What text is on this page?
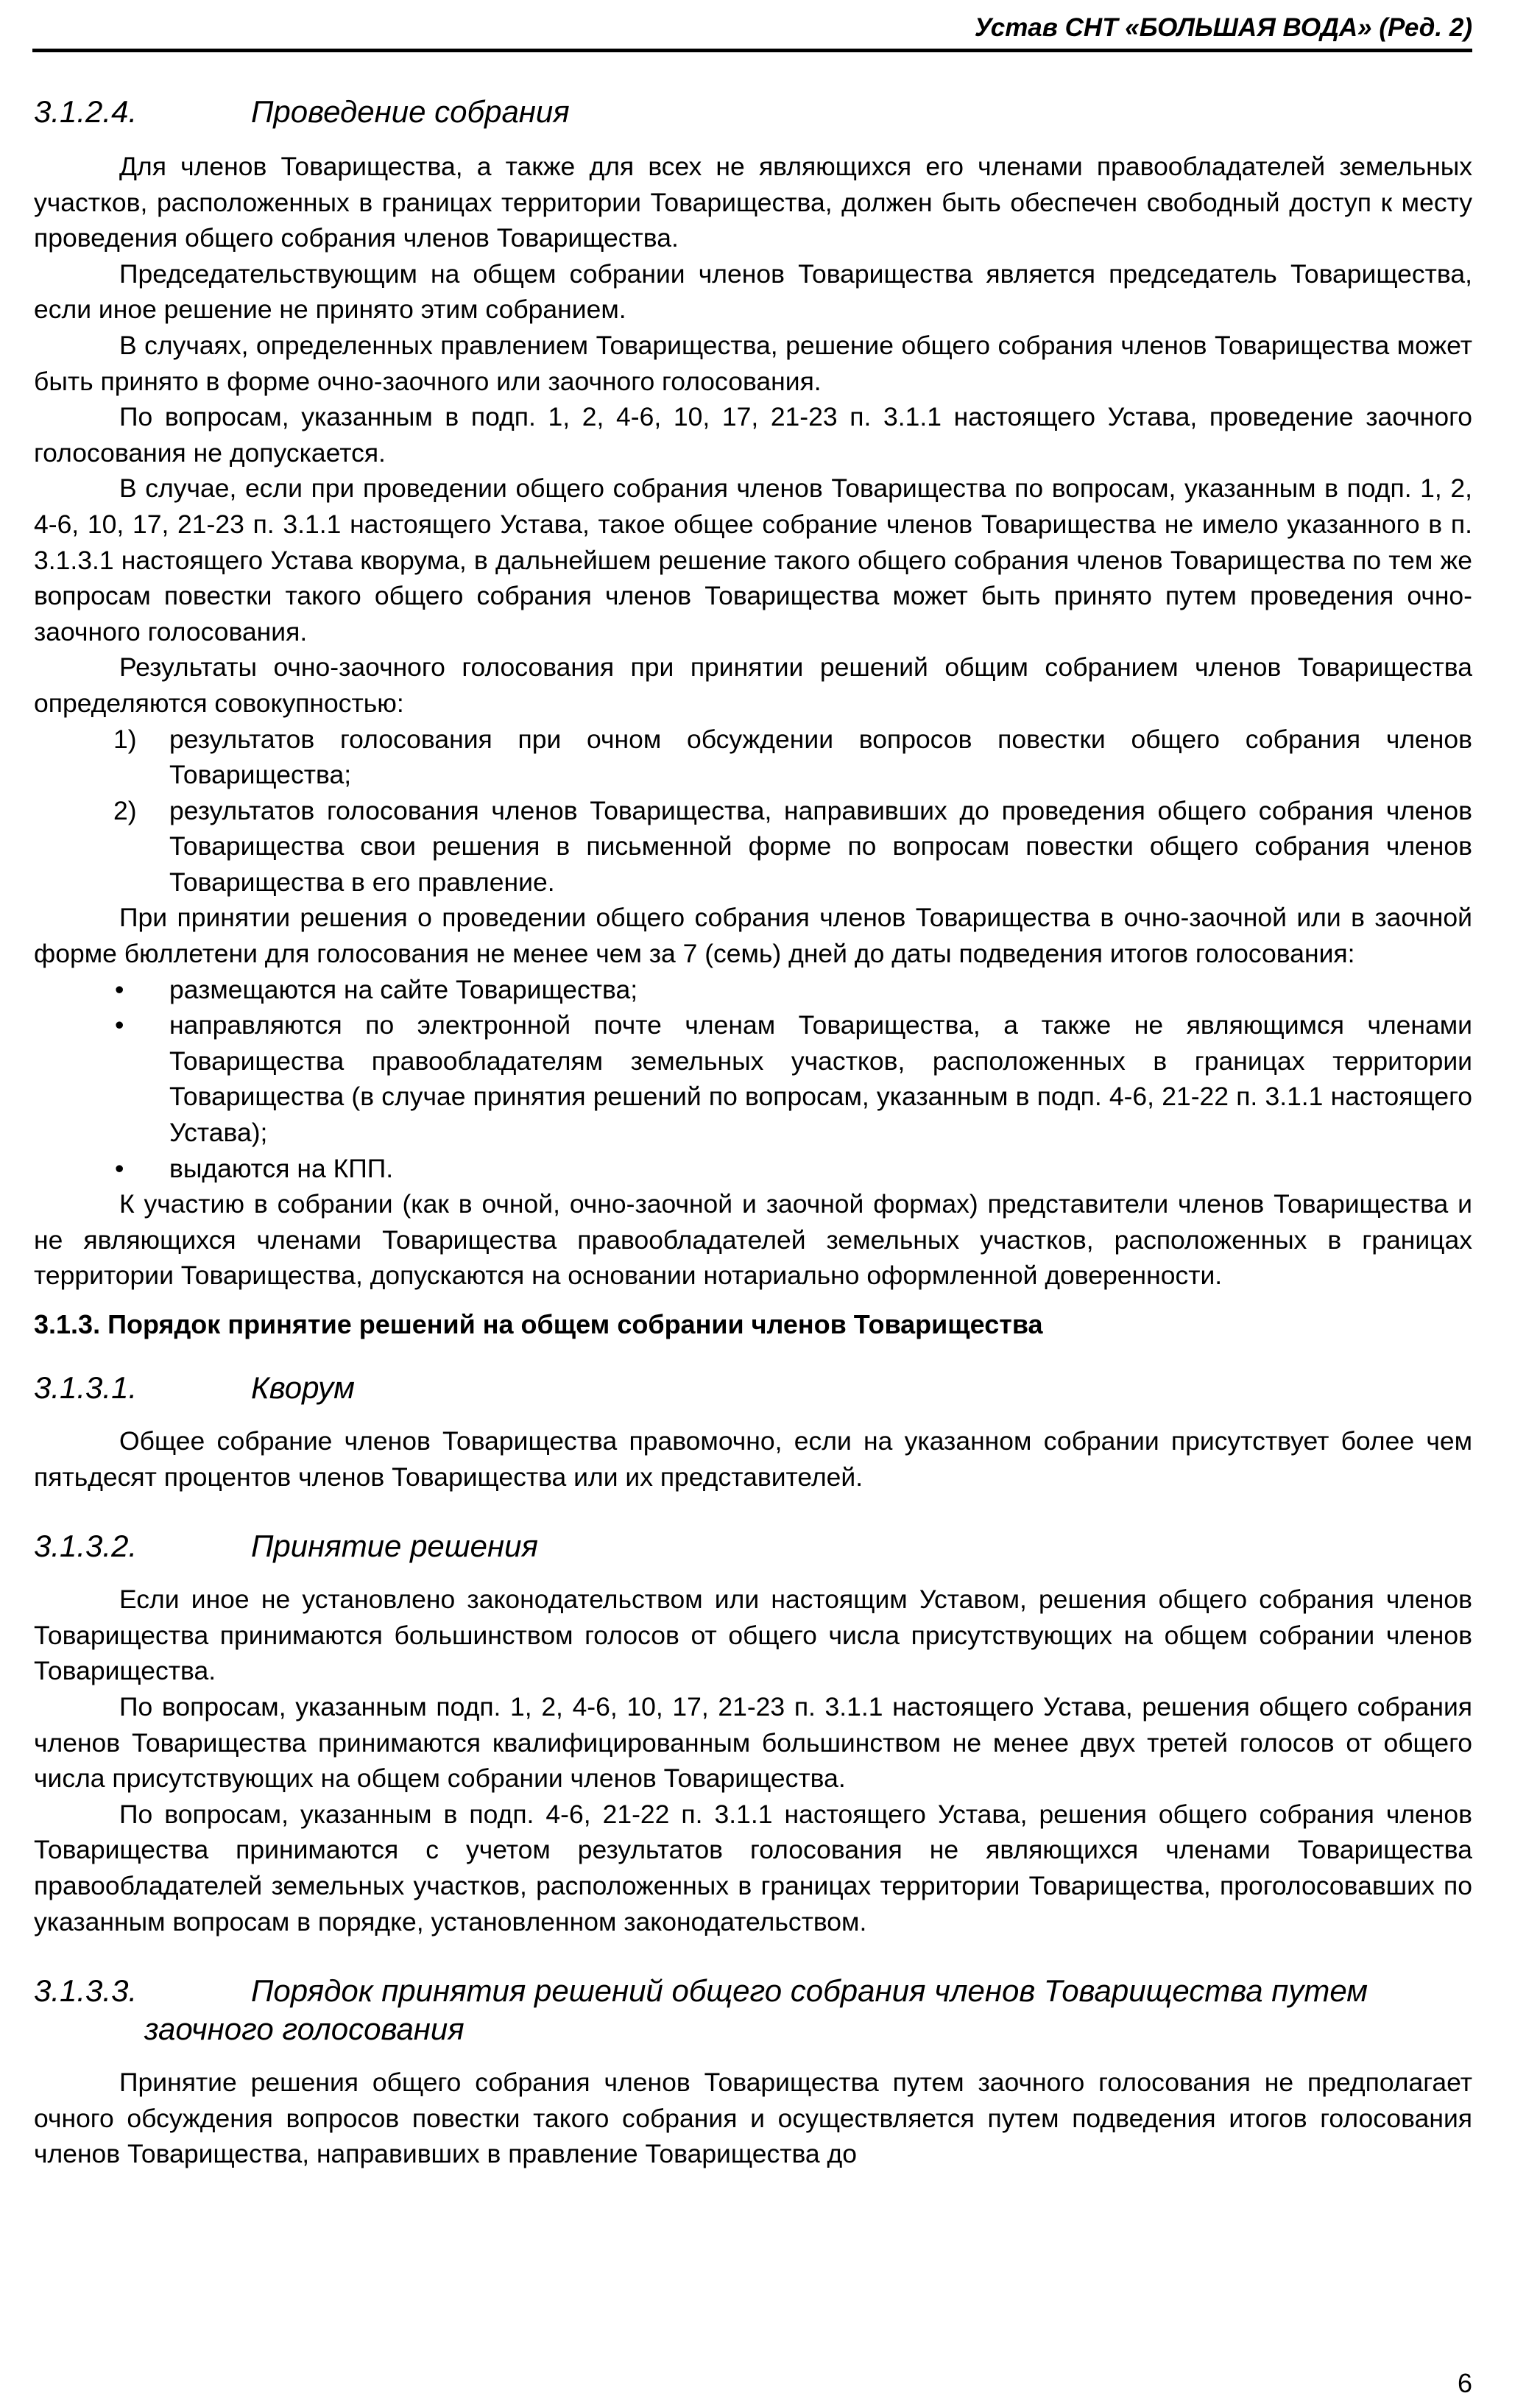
Устав СНТ «БОЛЬШАЯ ВОДА» (Ред. 2)
3.1.2.4.	Проведение собрания

Для членов Товарищества, а также для всех не являющихся его членами правообладателей земельных участков, расположенных в границах территории Товарищества, должен быть обеспечен свободный доступ к месту проведения общего собрания членов Товарищества.

Председательствующим на общем собрании членов Товарищества является председатель Товарищества, если иное решение не принято этим собранием.

В случаях, определенных правлением Товарищества, решение общего собрания членов Товарищества может быть принято в форме очно-заочного или заочного голосования.

По вопросам, указанным в подп. 1, 2, 4-6, 10, 17, 21-23 п. 3.1.1 настоящего Устава, проведение заочного голосования не допускается.

В случае, если при проведении общего собрания членов Товарищества по вопросам, указанным в подп. 1, 2, 4-6, 10, 17, 21-23 п. 3.1.1 настоящего Устава, такое общее собрание членов Товарищества не имело указанного в п. 3.1.3.1 настоящего Устава кворума, в дальнейшем решение такого общего собрания членов Товарищества по тем же вопросам повестки такого общего собрания членов Товарищества может быть принято путем проведения очно-заочного голосования.

Результаты очно-заочного голосования при принятии решений общим собранием членов Товарищества определяются совокупностью:

1)	результатов голосования при очном обсуждении вопросов повестки общего собрания членов Товарищества;
2)	результатов голосования членов Товарищества, направивших до проведения общего собрания членов Товарищества свои решения в письменной форме по вопросам повестки общего собрания членов Товарищества в его правление.

При принятии решения о проведении общего собрания членов Товарищества в очно-заочной или в заочной форме бюллетени для голосования не менее чем за 7 (семь) дней до даты подведения итогов голосования:

•	размещаются на сайте Товарищества;
•	направляются по электронной почте членам Товарищества, а также не являющимся членами Товарищества правообладателям земельных участков, расположенных в границах территории Товарищества (в случае принятия решений по вопросам, указанным в подп. 4-6, 21-22 п. 3.1.1 настоящего Устава);
•	выдаются на КПП.

К участию в собрании (как в очной, очно-заочной и заочной формах) представители членов Товарищества и не являющихся членами Товарищества правообладателей земельных участков, расположенных в границах территории Товарищества, допускаются на основании нотариально оформленной доверенности.

3.1.3. Порядок принятие решений на общем собрании членов Товарищества
3.1.3.1.	Кворум

Общее собрание членов Товарищества правомочно, если на указанном собрании присутствует более чем пятьдесят процентов членов Товарищества или их представителей.

3.1.3.2.	Принятие решения

Если иное не установлено законодательством или настоящим Уставом, решения общего собрания членов Товарищества принимаются большинством голосов от общего числа присутствующих на общем собрании членов Товарищества.

По вопросам, указанным подп. 1, 2, 4-6, 10, 17, 21-23 п. 3.1.1 настоящего Устава, решения общего собрания членов Товарищества принимаются квалифицированным большинством не менее двух третей голосов от общего числа присутствующих на общем собрании членов Товарищества.

По вопросам, указанным в подп. 4-6, 21-22 п. 3.1.1 настоящего Устава, решения общего собрания членов Товарищества принимаются с учетом результатов голосования не являющихся членами Товарищества правообладателей земельных участков, расположенных в границах территории Товарищества, проголосовавших по указанным вопросам в порядке, установленном законодательством.

3.1.3.3.	Порядок принятия решений общего собрания членов Товарищества путем заочного голосования

Принятие решения общего собрания членов Товарищества путем заочного голосования не предполагает очного обсуждения вопросов повестки такого собрания и осуществляется путем подведения итогов голосования членов Товарищества, направивших в правление Товарищества до

6
